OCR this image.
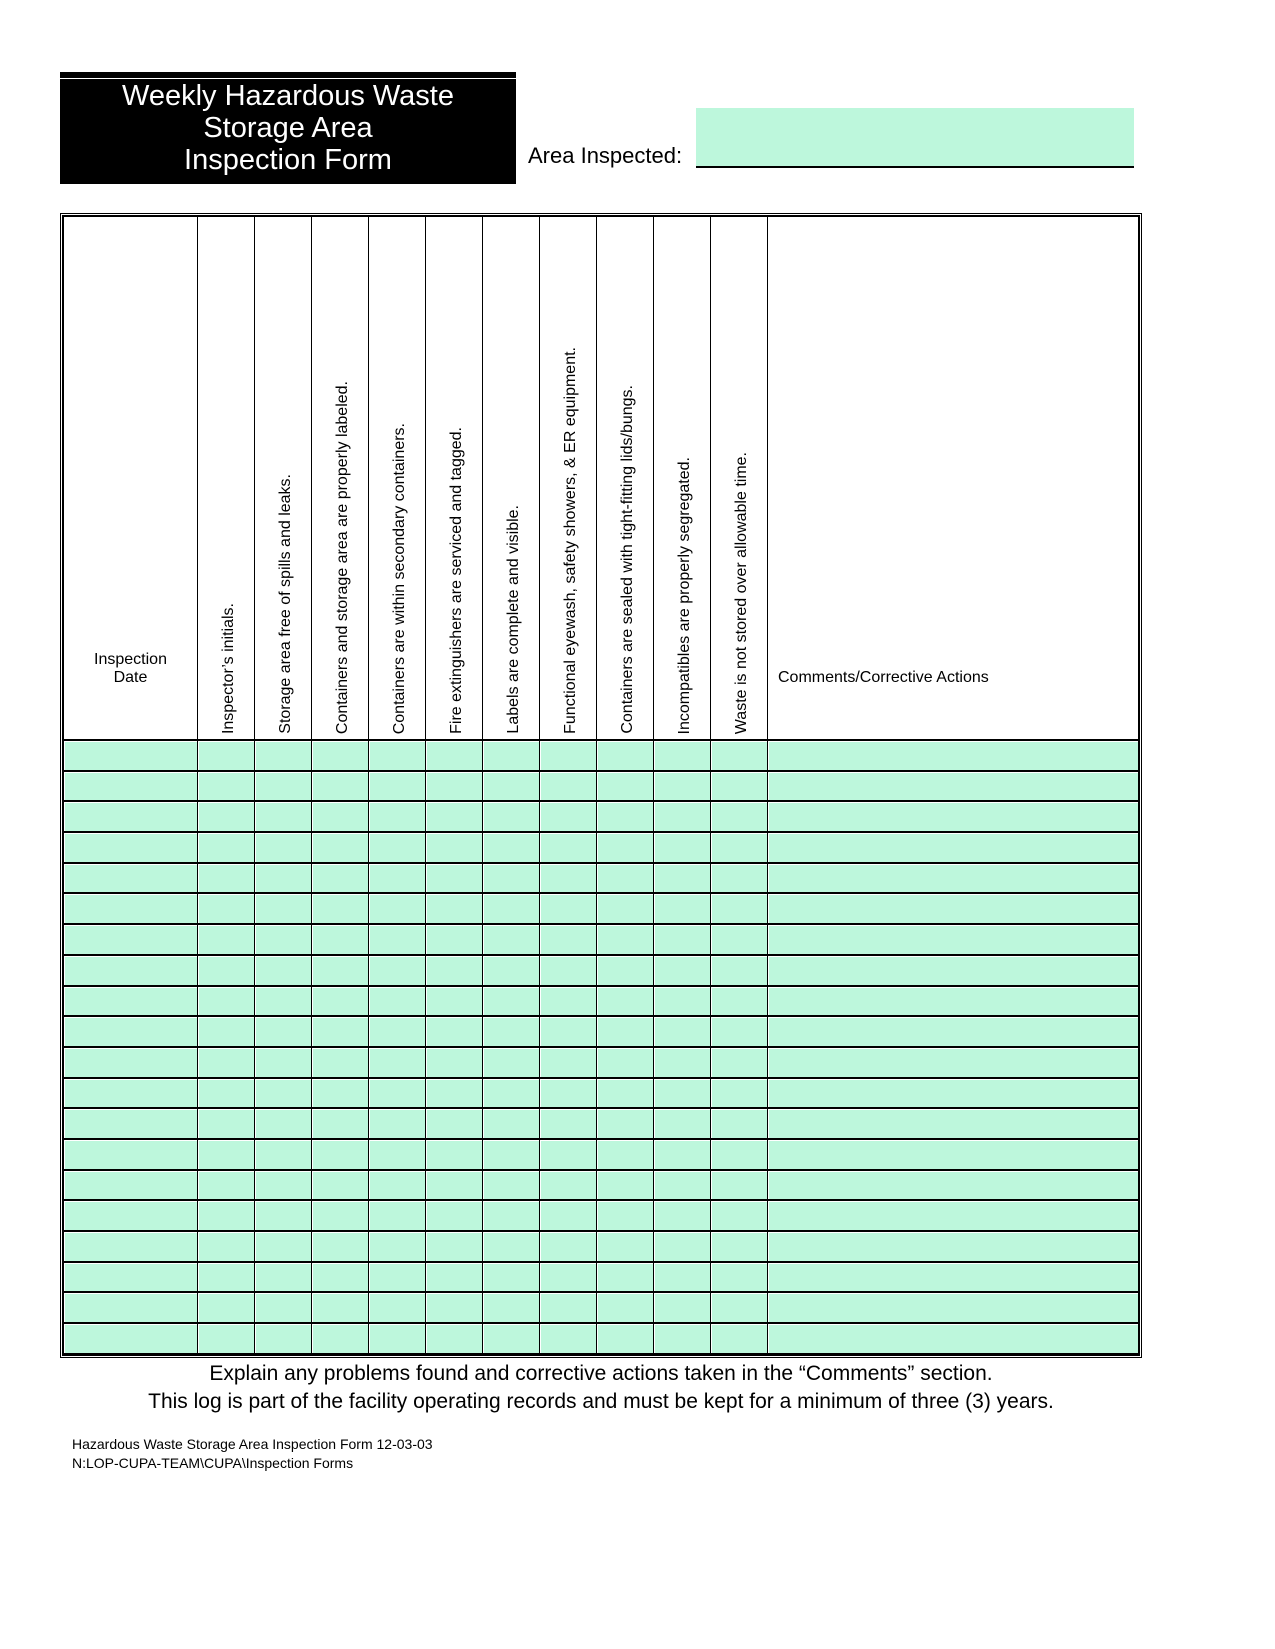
Weekly Hazardous Waste
Storage Area
Inspection Form	Area Inspected:
Inspection
Date	Inspector’s initials.	Storage area free of spills and leaks.	Containers and storage area are properly labeled.	Containers are within secondary containers.	Fire extinguishers are serviced and tagged.	Labels are complete and visible.	Functional eyewash, safety showers, & ER equipment.	Containers are sealed with tight-fitting lids/bungs.	Incompatibles are properly segregated.	Waste is not stored over allowable time.	Comments/Corrective Actions

Explain any problems found and corrective actions taken in the “Comments” section.
This log is part of the facility operating records and must be kept for a minimum of three (3) years.
Hazardous Waste Storage Area Inspection Form 12-03-03
N:LOP-CUPA-TEAM\CUPA\Inspection Forms
